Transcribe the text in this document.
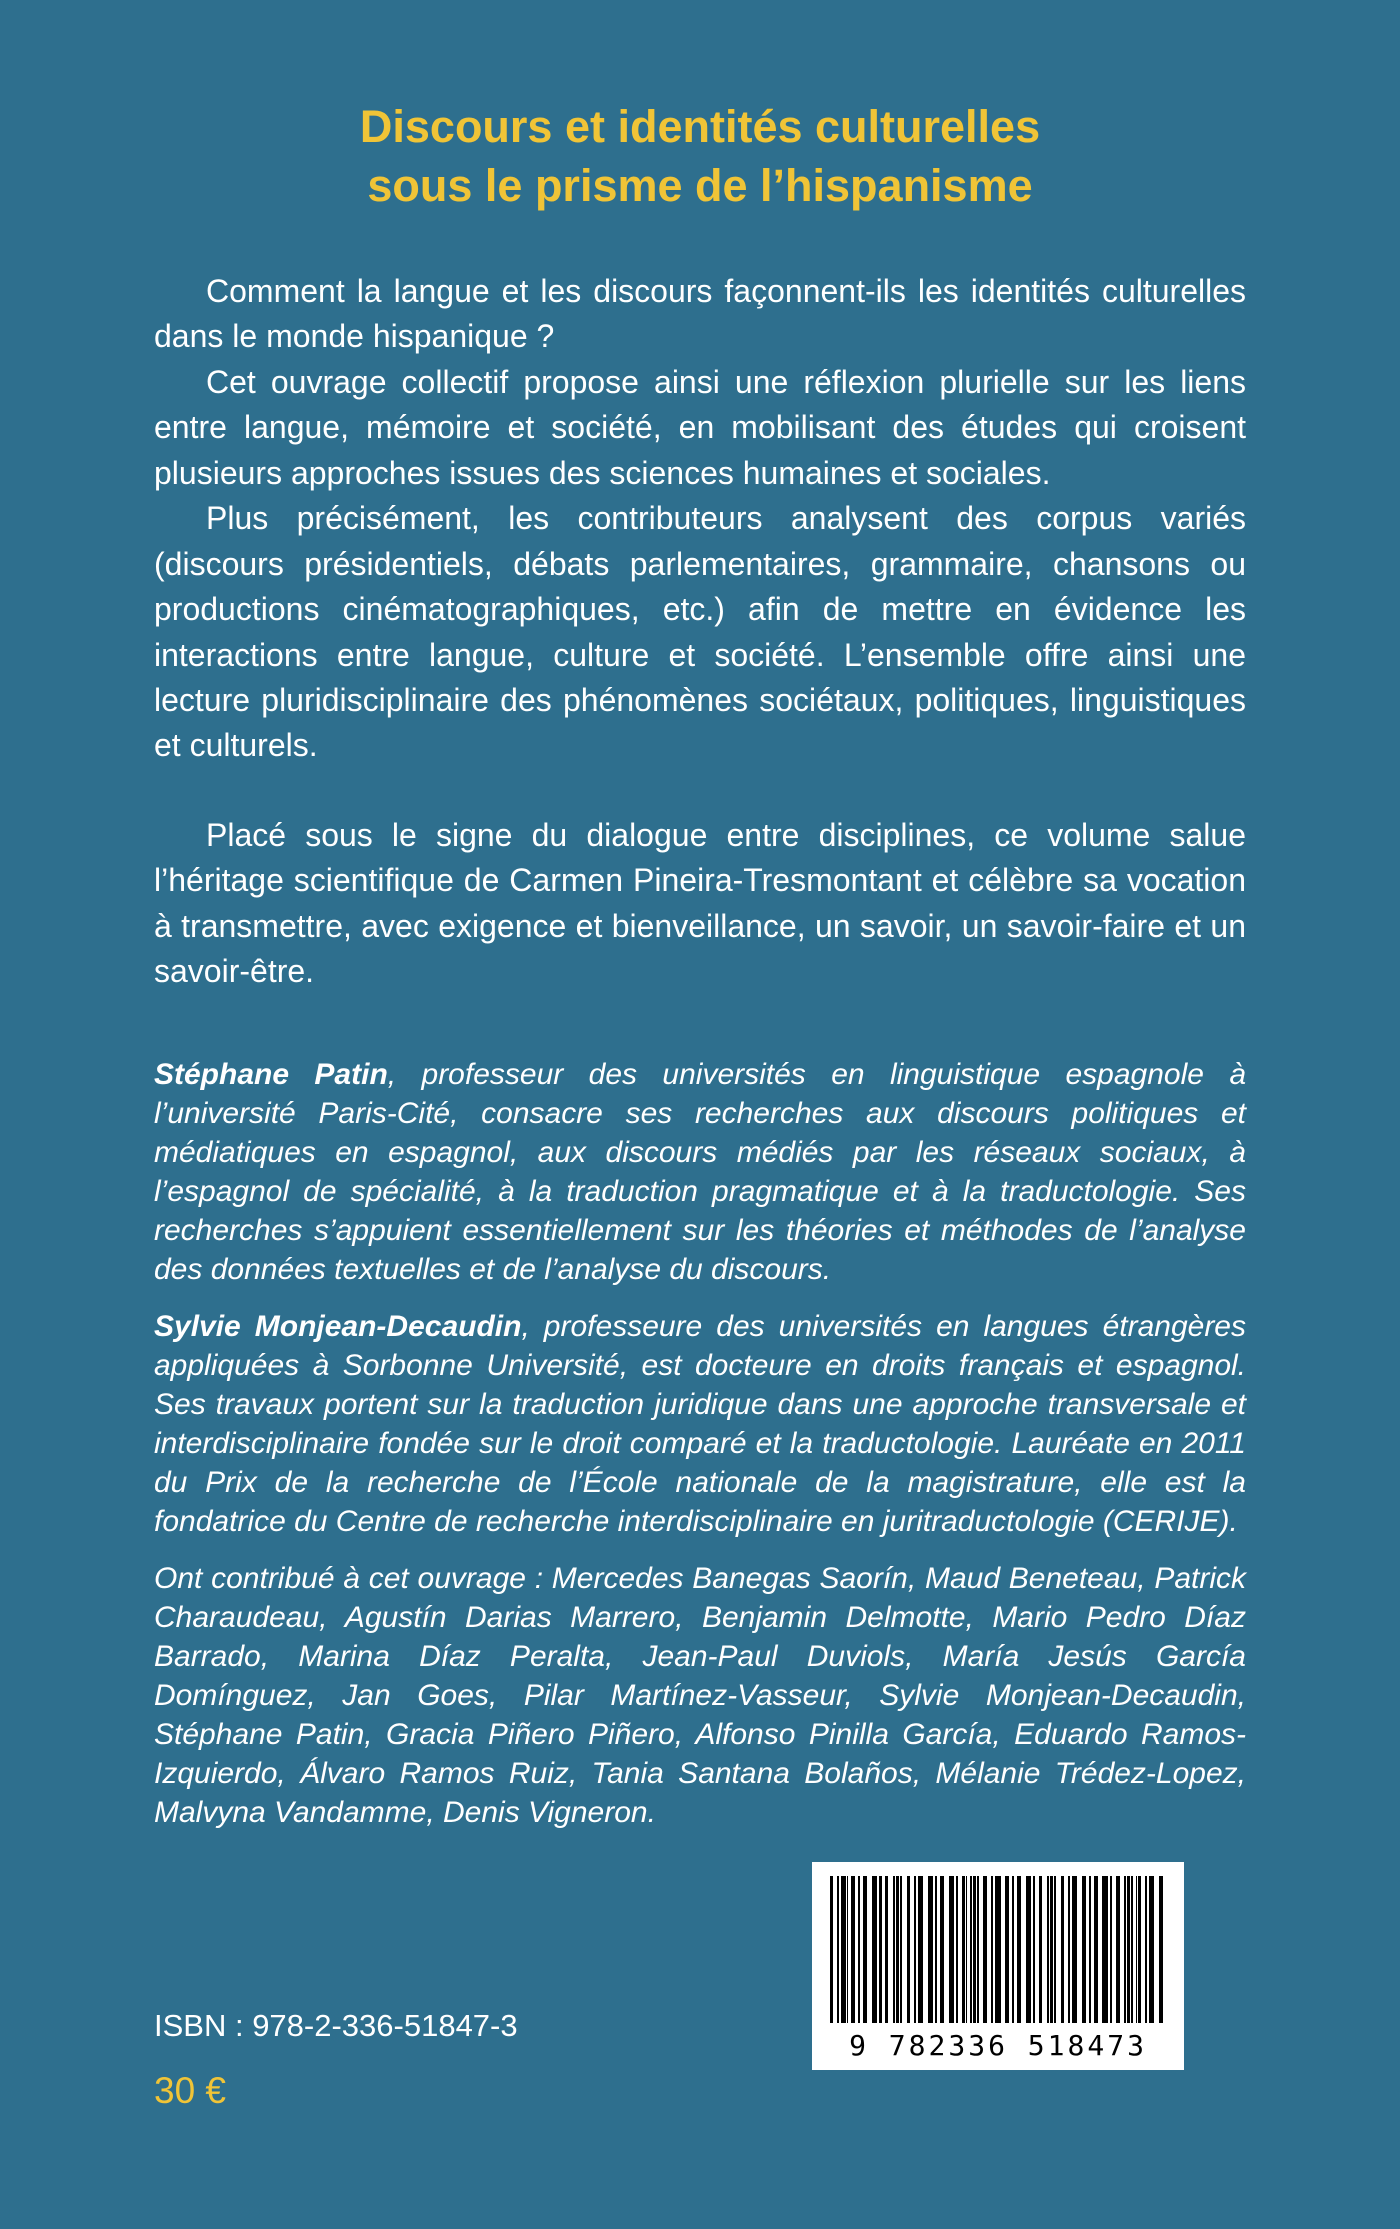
Discours et identités culturelles
sous le prisme de l’hispanisme

Comment la langue et les discours façonnent-ils les identités culturelles dans le monde hispanique ?

Cet ouvrage collectif propose ainsi une réflexion plurielle sur les liens entre langue, mémoire et société, en mobilisant des études qui croisent plusieurs approches issues des sciences humaines et sociales.

Plus précisément, les contributeurs analysent des corpus variés (discours présidentiels, débats parlementaires, grammaire, chansons ou productions cinématographiques, etc.) afin de mettre en évidence les interactions entre langue, culture et société. L’ensemble offre ainsi une lecture pluridisciplinaire des phénomènes sociétaux, politiques, linguistiques et culturels.

Placé sous le signe du dialogue entre disciplines, ce volume salue l’héritage scientifique de Carmen Pineira-Tresmontant et célèbre sa vocation à transmettre, avec exigence et bienveillance, un savoir, un savoir-faire et un savoir-être.

Stéphane Patin, professeur des universités en linguistique espagnole à l’université Paris-Cité, consacre ses recherches aux discours politiques et médiatiques en espagnol, aux discours médiés par les réseaux sociaux, à l’espagnol de spécialité, à la traduction pragmatique et à la traductologie. Ses recherches s’appuient essentiellement sur les théories et méthodes de l’analyse des données textuelles et de l’analyse du discours.

Sylvie Monjean-Decaudin, professeure des universités en langues étrangères appliquées à Sorbonne Université, est docteure en droits français et espagnol. Ses travaux portent sur la traduction juridique dans une approche transversale et interdisciplinaire fondée sur le droit comparé et la traductologie. Lauréate en 2011 du Prix de la recherche de l’École nationale de la magistrature, elle est la fondatrice du Centre de recherche interdisciplinaire en juritraductologie (CERIJE).

Ont contribué à cet ouvrage : Mercedes Banegas Saorín, Maud Beneteau, Patrick Charaudeau, Agustín Darias Marrero, Benjamin Delmotte, Mario Pedro Díaz Barrado, Marina Díaz Peralta, Jean-Paul Duviols, María Jesús García Domínguez, Jan Goes, Pilar Martínez-Vasseur, Sylvie Monjean-Decaudin, Stéphane Patin, Gracia Piñero Piñero, Alfonso Pinilla García, Eduardo Ramos-Izquierdo, Álvaro Ramos Ruiz, Tania Santana Bolaños, Mélanie Trédez-Lopez, Malvyna Vandamme, Denis Vigneron.

ISBN : 978-2-336-51847-3
30 €
9 782336 518473
